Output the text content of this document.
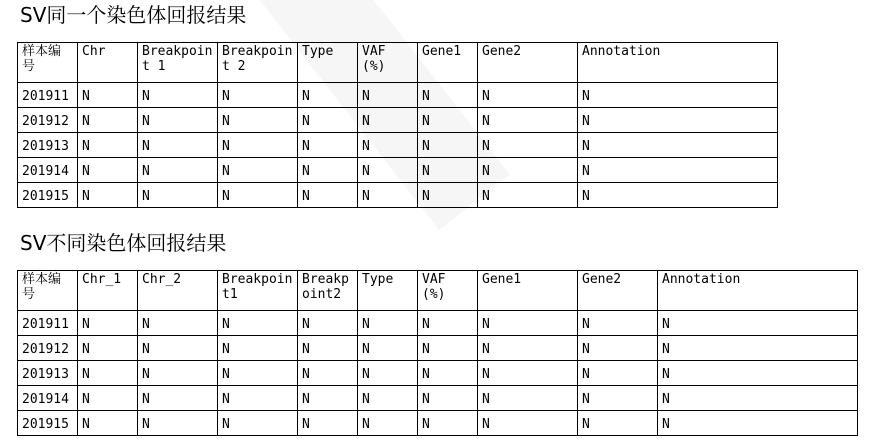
SV同一个染色体回报结果
样本编号	Chr	Breakpoint 1	Breakpoint 2	Type	VAF (%)	Gene1	Gene2	Annotation
201911	N	N	N	N	N	N	N	N
201912	N	N	N	N	N	N	N	N
201913	N	N	N	N	N	N	N	N
201914	N	N	N	N	N	N	N	N
201915	N	N	N	N	N	N	N	N
SV不同染色体回报结果
样本编号	Chr_1	Chr_2	Breakpoint1	Breakpoint2	Type	VAF (%)	Gene1	Gene2	Annotation
201911	N	N	N	N	N	N	N	N	N
201912	N	N	N	N	N	N	N	N	N
201913	N	N	N	N	N	N	N	N	N
201914	N	N	N	N	N	N	N	N	N
201915	N	N	N	N	N	N	N	N	N
